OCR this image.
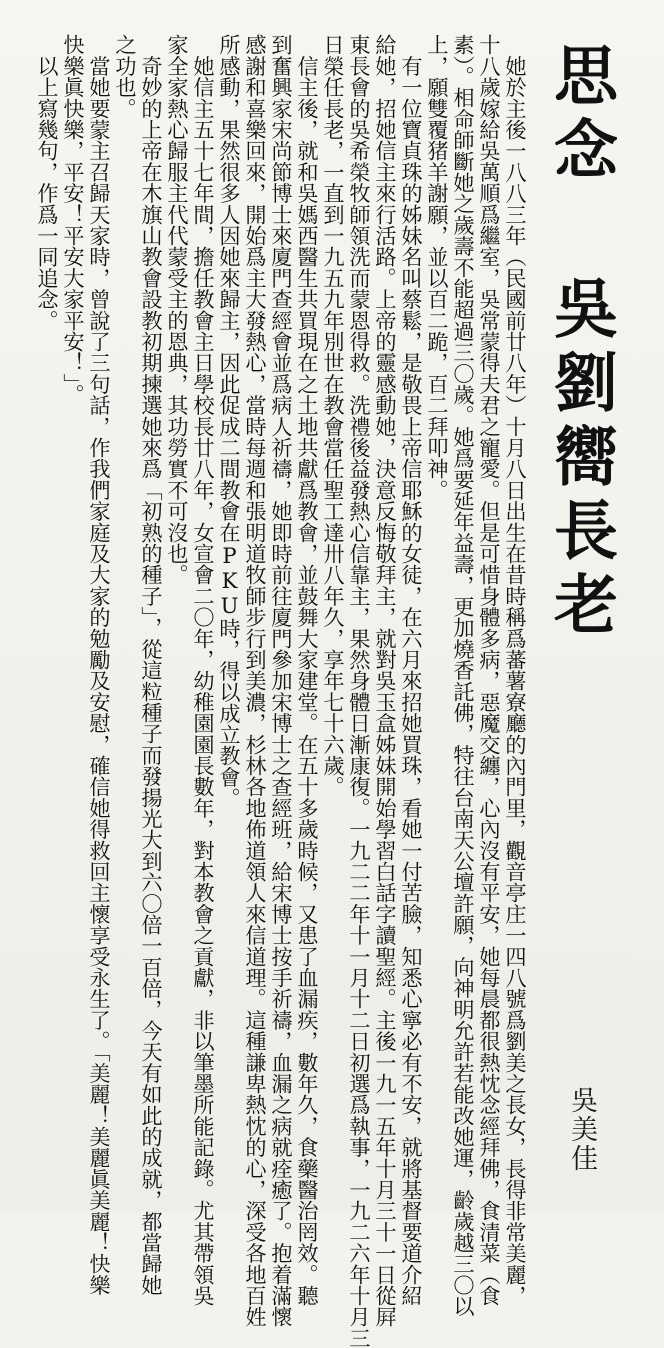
思念 吳劉嚮長老
吳美佳
　她於主後一八八三年（民國前廿八年）十月八日出生在昔時稱爲蕃薯寮廳的內門里，觀音亭庄一四八號爲劉美之長女，長得非常美麗，
十八歲嫁給吳萬順爲繼室，吳常蒙得夫君之寵愛。但是可惜身體多病，惡魔交纏，心內沒有平安，她每晨都很熱忱念經拜佛，食清菜（食
素）。相命師斷她之歲壽不能超過三〇歲。她爲要延年益壽，更加燒香託佛，特往台南天公壇許願，向神明允許若能改她運，齡歲越三〇以
上，願雙覆猪羊謝願，並以百二跪，百二拜叩神。
　有一位寶貞珠的姊妹名叫蔡鬆，是敬畏上帝信耶穌的女徒，在六月來招她買珠，看她一付苦臉，知悉心寧必有不安，就將基督要道介紹
給她，招她信主來行活路。上帝的靈感動她，決意反悔敬拜主，就對吳玉盒姊妹開始學習白話字讀聖經。主後一九一五年十月三十一日從屛
東長會的吳希榮牧師領洗而蒙恩得救。洗禮後益發熱心信靠主，果然身體日漸康復。一九二二年十一月十二日初選爲執事，一九二六年十月三
日榮任長老，一直到一九五九年別世在教會當任聖工達卅八年久，享年七十六歲。
　信主後，就和吳媽西醫生共買現在之土地共獻爲教會，並鼓舞大家建堂。在五十多歲時候，又患了血漏疾，數年久，食藥醫治罔效。聽
到奮興家宋尚節博士來廈門查經會並爲病人祈禱，她即時前往廈門參加宋博士之查經班，給宋博士按手祈禱，血漏之病就痊癒了。抱着滿懷
感謝和喜樂回來，開始爲主大發熱心，當時每週和張明道牧師步行到美濃，杉林各地佈道領人來信道理。這種謙卑熱忱的心，深受各地百姓
所感動，果然很多人因她來歸主，因此促成二間教會在PKU時，得以成立教會。
　她信主五十七年間，擔任教會主日學校長廿八年，女宣會二〇年，幼稚園園長數年，對本教會之貢獻，非以筆墨所能記錄。尤其帶領吳
家全家熱心歸服主代代蒙受主的恩典，其功勞實不可沒也。
　奇妙的上帝在木旗山教會設教初期揀選她來爲「初熟的種子」，從這粒種子而發揚光大到六〇倍一百倍，今天有如此的成就，都當歸她
之功也。
　當她要蒙主召歸天家時，曾說了三句話，作我們家庭及大家的勉勵及安慰，確信她得救回主懷享受永生了。「美麗！美麗眞美麗！快樂
快樂眞快樂，平安！平安大家平安！」。
　以上寫幾句，作爲一同追念。
